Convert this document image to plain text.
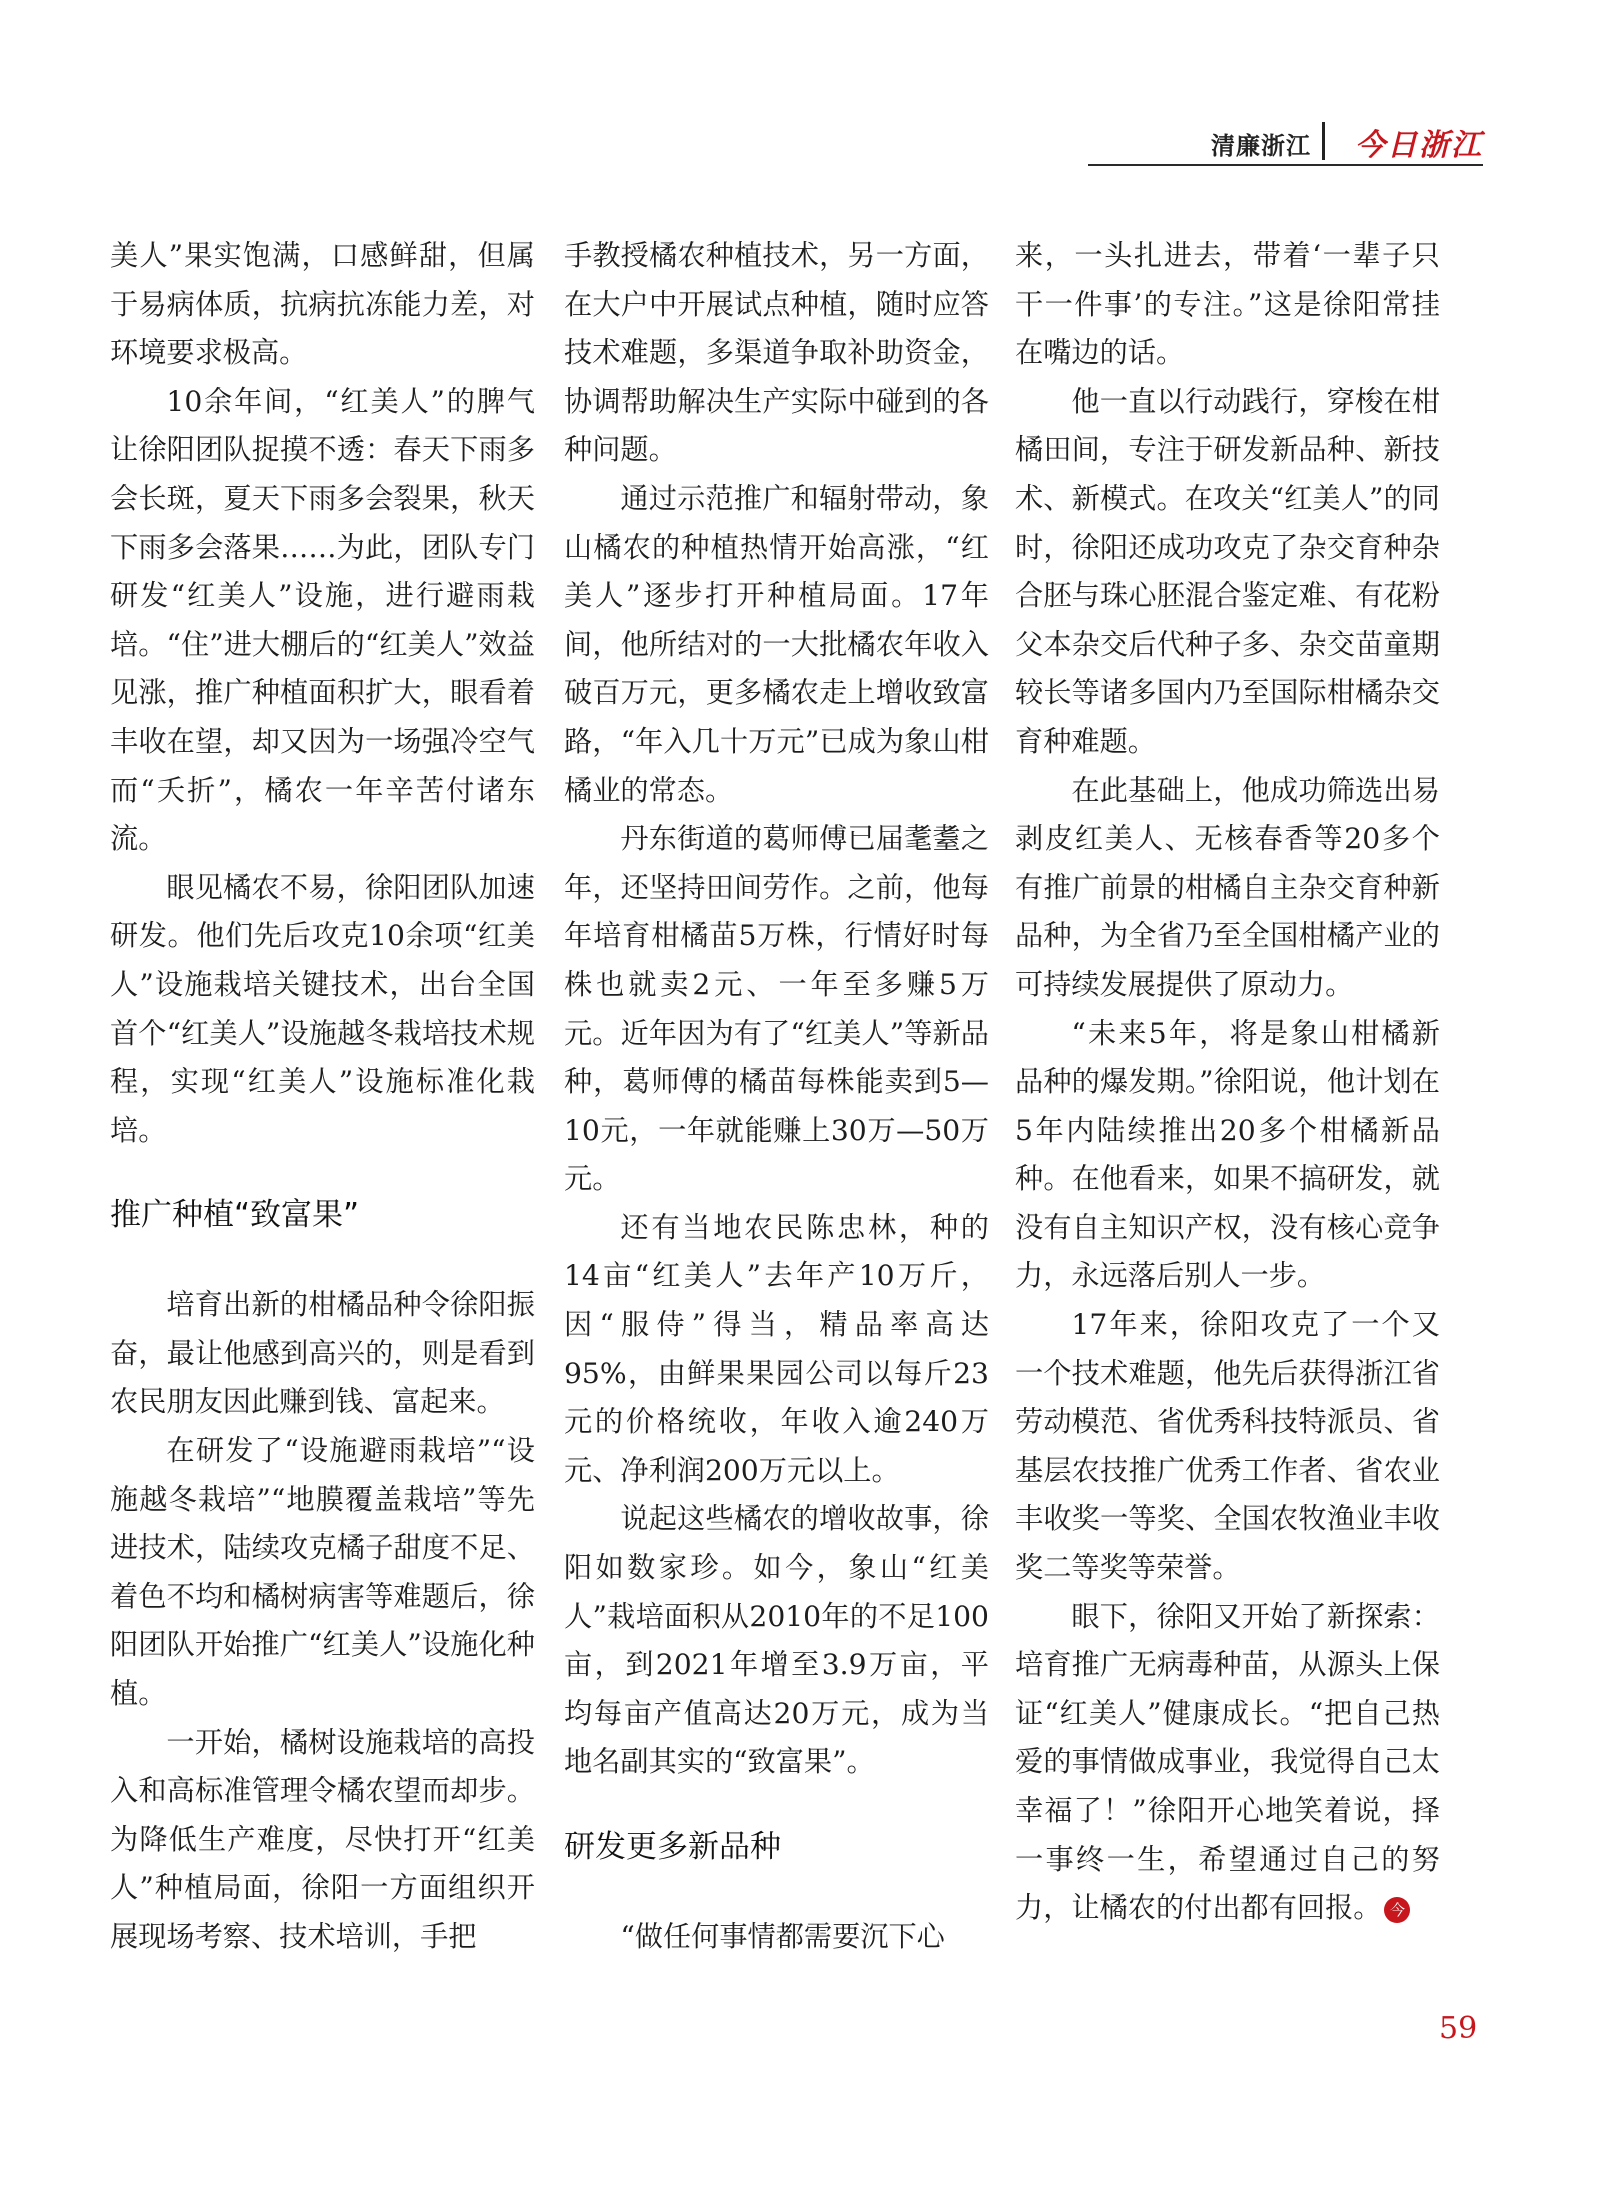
清廉浙江 今日浙江

美人”果实饱满，口感鲜甜，但属于易病体质，抗病抗冻能力差，对环境要求极高。

10余年间，“红美人”的脾气让徐阳团队捉摸不透：春天下雨多会长斑，夏天下雨多会裂果，秋天下雨多会落果……为此，团队专门研发“红美人”设施，进行避雨栽培。“住”进大棚后的“红美人”效益见涨，推广种植面积扩大，眼看着丰收在望，却又因为一场强冷空气而“夭折”，橘农一年辛苦付诸东流。

眼见橘农不易，徐阳团队加速研发。他们先后攻克10余项“红美人”设施栽培关键技术，出台全国首个“红美人”设施越冬栽培技术规程，实现“红美人”设施标准化栽培。

推广种植“致富果”

培育出新的柑橘品种令徐阳振奋，最让他感到高兴的，则是看到农民朋友因此赚到钱、富起来。

在研发了“设施避雨栽培”“设施越冬栽培”“地膜覆盖栽培”等先进技术，陆续攻克橘子甜度不足、着色不均和橘树病害等难题后，徐阳团队开始推广“红美人”设施化种植。

一开始，橘树设施栽培的高投入和高标准管理令橘农望而却步。为降低生产难度，尽快打开“红美人”种植局面，徐阳一方面组织开展现场考察、技术培训，手把

手教授橘农种植技术，另一方面，在大户中开展试点种植，随时应答技术难题，多渠道争取补助资金，协调帮助解决生产实际中碰到的各种问题。

通过示范推广和辐射带动，象山橘农的种植热情开始高涨，“红美人”逐步打开种植局面。17年间，他所结对的一大批橘农年收入破百万元，更多橘农走上增收致富路，“年入几十万元”已成为象山柑橘业的常态。

丹东街道的葛师傅已届耄耋之年，还坚持田间劳作。之前，他每年培育柑橘苗5万株，行情好时每株也就卖2元、一年至多赚5万元。近年因为有了“红美人”等新品种，葛师傅的橘苗每株能卖到5—10元，一年就能赚上30万—50万元。

还有当地农民陈忠林，种的14亩“红美人”去年产10万斤，因“服侍”得当，精品率高达95%，由鲜果果园公司以每斤23元的价格统收，年收入逾240万元、净利润200万元以上。

说起这些橘农的增收故事，徐阳如数家珍。如今，象山“红美人”栽培面积从2010年的不足100亩，到2021年增至3.9万亩，平均每亩产值高达20万元，成为当地名副其实的“致富果”。

研发更多新品种

“做任何事情都需要沉下心

来，一头扎进去，带着‘一辈子只干一件事’的专注。”这是徐阳常挂在嘴边的话。

他一直以行动践行，穿梭在柑橘田间，专注于研发新品种、新技术、新模式。在攻关“红美人”的同时，徐阳还成功攻克了杂交育种杂合胚与珠心胚混合鉴定难、有花粉父本杂交后代种子多、杂交苗童期较长等诸多国内乃至国际柑橘杂交育种难题。

在此基础上，他成功筛选出易剥皮红美人、无核春香等20多个有推广前景的柑橘自主杂交育种新品种，为全省乃至全国柑橘产业的可持续发展提供了原动力。

“未来5年，将是象山柑橘新品种的爆发期。”徐阳说，他计划在5年内陆续推出20多个柑橘新品种。在他看来，如果不搞研发，就没有自主知识产权，没有核心竞争力，永远落后别人一步。

17年来，徐阳攻克了一个又一个技术难题，他先后获得浙江省劳动模范、省优秀科技特派员、省基层农技推广优秀工作者、省农业丰收奖一等奖、全国农牧渔业丰收奖二等奖等荣誉。

眼下，徐阳又开始了新探索：培育推广无病毒种苗，从源头上保证“红美人”健康成长。“把自己热爱的事情做成事业，我觉得自己太幸福了！”徐阳开心地笑着说，择一事终一生，希望通过自己的努力，让橘农的付出都有回报。 今

59
